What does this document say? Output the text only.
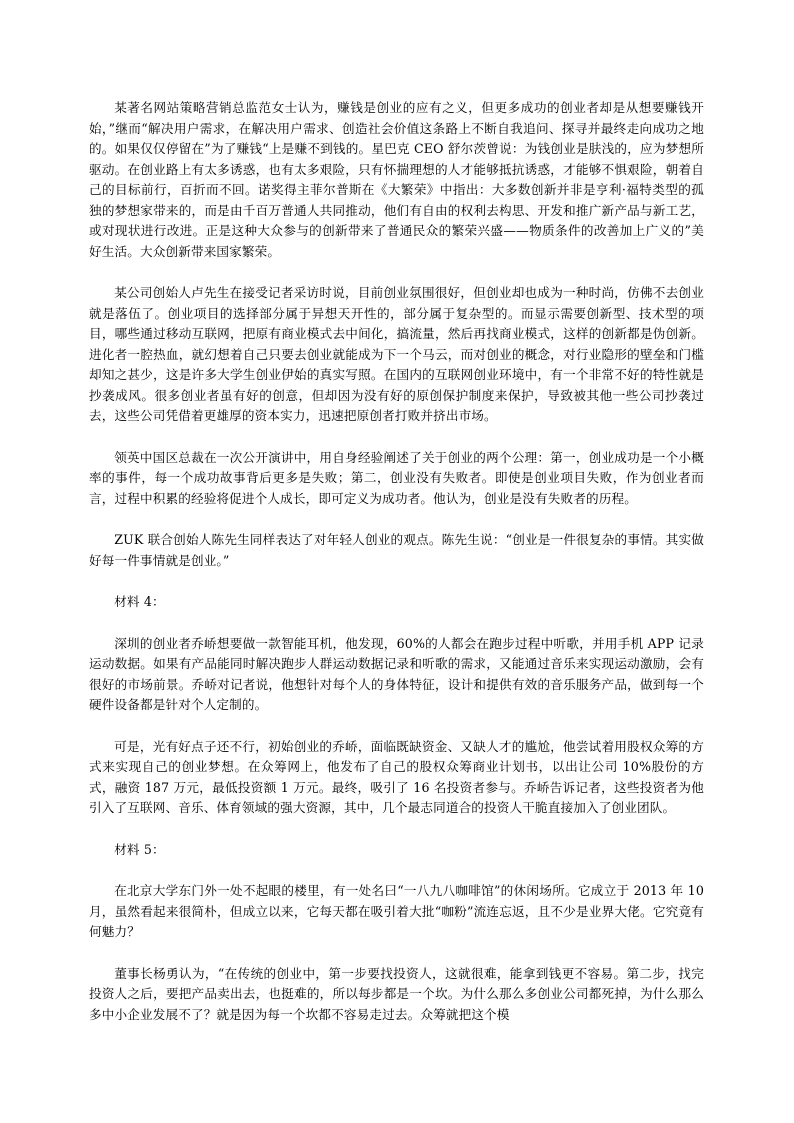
某著名网站策略营销总监范女士认为，赚钱是创业的应有之义，但更多成功的创业者却是从想要赚钱开始，”继而“解决用户需求，在解决用户需求、创造社会价值这条路上不断自我追问、探寻并最终走向成功之地的。如果仅仅停留在”为了赚钱“上是赚不到钱的。星巴克 CEO 舒尔茨曾说：为钱创业是肤浅的，应为梦想所驱动。在创业路上有太多诱惑，也有太多艰险，只有怀揣理想的人才能够抵抗诱惑，才能够不惧艰险，朝着自己的目标前行，百折而不回。诺奖得主菲尔普斯在《大繁荣》中指出：大多数创新并非是亨利·福特类型的孤独的梦想家带来的，而是由千百万普通人共同推动，他们有自由的权利去构思、开发和推广新产品与新工艺，或对现状进行改进。正是这种大众参与的创新带来了普通民众的繁荣兴盛——物质条件的改善加上广义的”美好生活。大众创新带来国家繁荣。

某公司创始人卢先生在接受记者采访时说，目前创业氛围很好，但创业却也成为一种时尚，仿佛不去创业就是落伍了。创业项目的选择部分属于异想天开性的，部分属于复杂型的。而显示需要创新型、技术型的项目，哪些通过移动互联网，把原有商业模式去中间化，搞流量，然后再找商业模式，这样的创新都是伪创新。进化者一腔热血，就幻想着自己只要去创业就能成为下一个马云，而对创业的概念，对行业隐形的壁垒和门槛却知之甚少，这是许多大学生创业伊始的真实写照。在国内的互联网创业环境中，有一个非常不好的特性就是抄袭成风。很多创业者虽有好的创意，但却因为没有好的原创保护制度来保护，导致被其他一些公司抄袭过去，这些公司凭借着更雄厚的资本实力，迅速把原创者打败并挤出市场。

领英中国区总裁在一次公开演讲中，用自身经验阐述了关于创业的两个公理：第一，创业成功是一个小概率的事件，每一个成功故事背后更多是失败；第二，创业没有失败者。即使是创业项目失败，作为创业者而言，过程中积累的经验将促进个人成长，即可定义为成功者。他认为，创业是没有失败者的历程。

ZUK 联合创始人陈先生同样表达了对年轻人创业的观点。陈先生说：“创业是一件很复杂的事情。其实做好每一件事情就是创业。”

材料 4：

深圳的创业者乔峤想要做一款智能耳机，他发现，60%的人都会在跑步过程中听歌，并用手机 APP 记录运动数据。如果有产品能同时解决跑步人群运动数据记录和听歌的需求，又能通过音乐来实现运动激励，会有很好的市场前景。乔峤对记者说，他想针对每个人的身体特征，设计和提供有效的音乐服务产品，做到每一个硬件设备都是针对个人定制的。

可是，光有好点子还不行，初始创业的乔峤，面临既缺资金、又缺人才的尴尬，他尝试着用股权众筹的方式来实现自己的创业梦想。在众筹网上，他发布了自己的股权众筹商业计划书，以出让公司 10%股份的方式，融资 187 万元，最低投资额 1 万元。最终，吸引了 16 名投资者参与。乔峤告诉记者，这些投资者为他引入了互联网、音乐、体育领域的强大资源，其中，几个最志同道合的投资人干脆直接加入了创业团队。

材料 5：

在北京大学东门外一处不起眼的楼里，有一处名曰“一八九八咖啡馆”的休闲场所。它成立于 2013 年 10 月，虽然看起来很简朴，但成立以来，它每天都在吸引着大批“咖粉”流连忘返，且不少是业界大佬。它究竟有何魅力？

董事长杨勇认为，“在传统的创业中，第一步要找投资人，这就很难，能拿到钱更不容易。第二步，找完投资人之后，要把产品卖出去，也挺难的，所以每步都是一个坎。为什么那么多创业公司都死掉，为什么那么多中小企业发展不了？就是因为每一个坎都不容易走过去。众筹就把这个模
